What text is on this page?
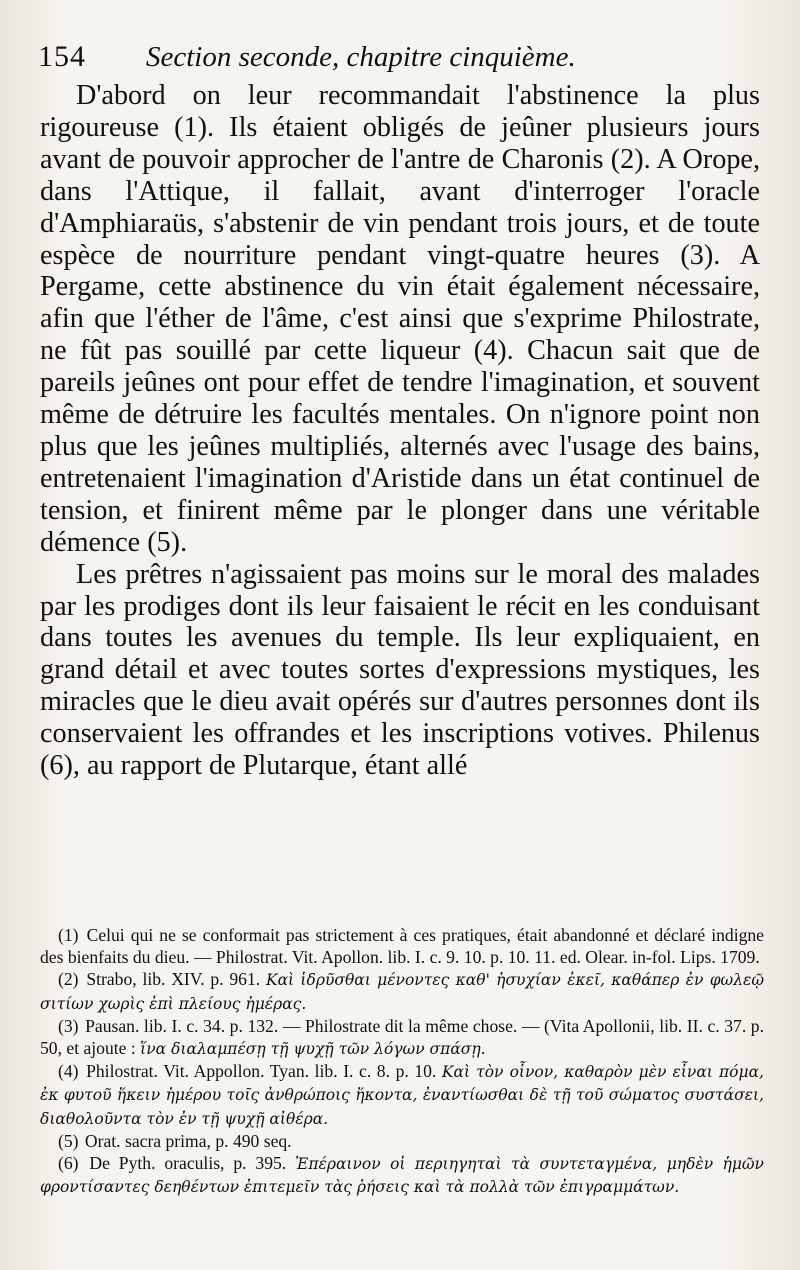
154 Section seconde, chapitre cinquième.

D'abord on leur recommandait l'abstinence la plus rigoureuse (1). Ils étaient obligés de jeûner plusieurs jours avant de pouvoir approcher de l'antre de Charonis (2). A Orope, dans l'Attique, il fallait, avant d'interroger l'oracle d'Amphiaraüs, s'abstenir de vin pendant trois jours, et de toute espèce de nourriture pendant vingt-quatre heures (3). A Pergame, cette abstinence du vin était également nécessaire, afin que l'éther de l'âme, c'est ainsi que s'exprime Philostrate, ne fût pas souillé par cette liqueur (4). Chacun sait que de pareils jeûnes ont pour effet de tendre l'imagination, et souvent même de détruire les facultés mentales. On n'ignore point non plus que les jeûnes multipliés, alternés avec l'usage des bains, entretenaient l'imagination d'Aristide dans un état continuel de tension, et finirent même par le plonger dans une véritable démence (5).

Les prêtres n'agissaient pas moins sur le moral des malades par les prodiges dont ils leur faisaient le récit en les conduisant dans toutes les avenues du temple. Ils leur expliquaient, en grand détail et avec toutes sortes d'expressions mystiques, les miracles que le dieu avait opérés sur d'autres personnes dont ils conservaient les offrandes et les inscriptions votives. Philenus (6), au rapport de Plutarque, étant allé

(1) Celui qui ne se conformait pas strictement à ces pratiques, était abandonné et déclaré indigne des bienfaits du dieu. — Philostrat. Vit. Apollon. lib. I. c. 9. 10. p. 10. 11. ed. Olear. in-fol. Lips. 1709.

(2) Strabo, lib. XIV. p. 961. Καὶ ἱδρῦσθαι μένοντες καθ' ἡσυχίαν ἐκεῖ, καθάπερ ἐν φωλεῷ σιτίων χωρὶς ἐπὶ πλείους ἡμέρας.

(3) Pausan. lib. I. c. 34. p. 132. — Philostrate dit la même chose. — (Vita Apollonii, lib. II. c. 37. p. 50, et ajoute : ἵνα διαλαμπέσῃ τῇ ψυχῇ τῶν λόγων σπάσῃ.

(4) Philostrat. Vit. Appollon. Tyan. lib. I. c. 8. p. 10. Καὶ τὸν οἶνον, καθαρὸν μὲν εἶναι πόμα, ἐκ φυτοῦ ἥκειν ἡμέρου τοῖς ἀνθρώποις ἥκοντα, ἐναντίωσθαι δὲ τῇ τοῦ σώματος συστάσει, διαθολοῦντα τὸν ἐν τῇ ψυχῇ αἰθέρα.

(5) Orat. sacra prima, p. 490 seq.

(6) De Pyth. oraculis, p. 395. Ἐπέραινον οἱ περιηγηταὶ τὰ συντεταγμένα, μηδὲν ἡμῶν φροντίσαντες δεηθέντων ἐπιτεμεῖν τὰς ῥήσεις καὶ τὰ πολλὰ τῶν ἐπιγραμμάτων.
